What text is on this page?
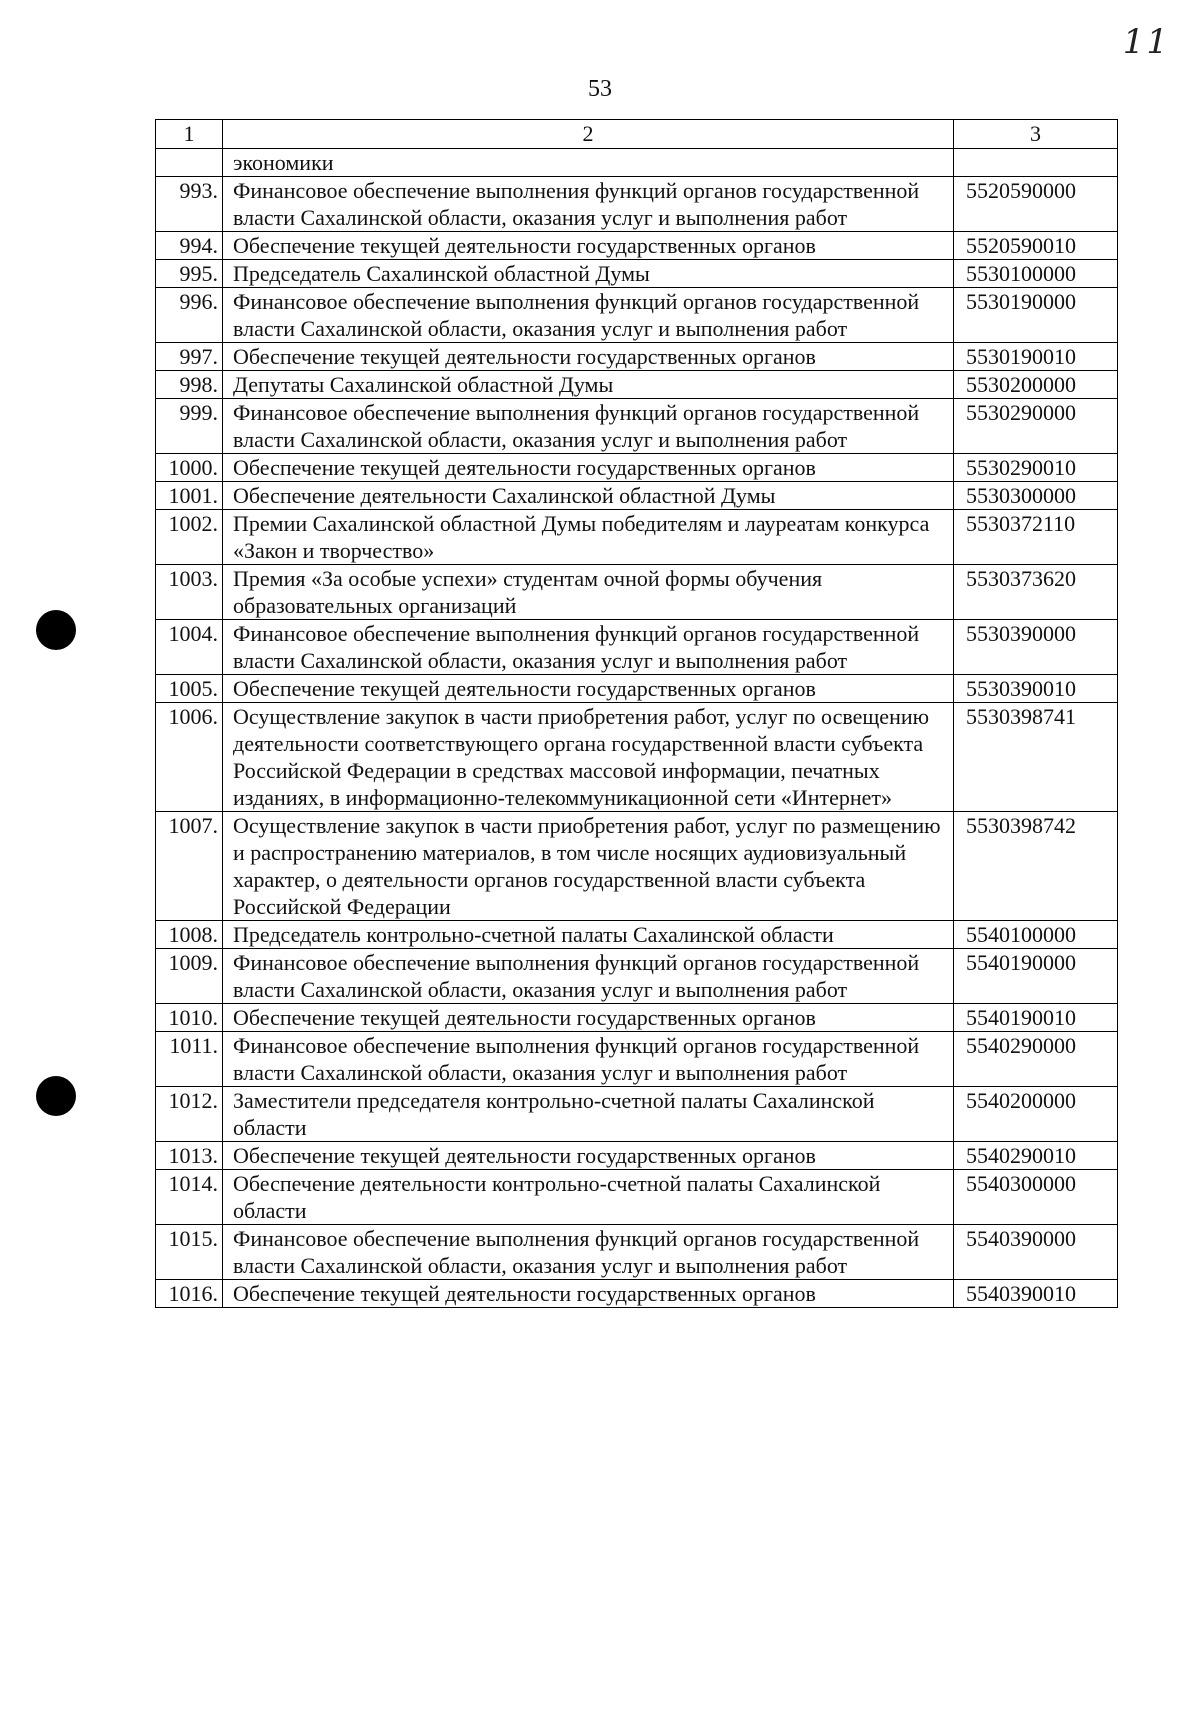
11
53
1	2	3
	экономики	
993.	Финансовое обеспечение выполнения функций органов государственной власти Сахалинской области, оказания услуг и выполнения работ	5520590000
994.	Обеспечение текущей деятельности государственных органов	5520590010
995.	Председатель Сахалинской областной Думы	5530100000
996.	Финансовое обеспечение выполнения функций органов государственной власти Сахалинской области, оказания услуг и выполнения работ	5530190000
997.	Обеспечение текущей деятельности государственных органов	5530190010
998.	Депутаты Сахалинской областной Думы	5530200000
999.	Финансовое обеспечение выполнения функций органов государственной власти Сахалинской области, оказания услуг и выполнения работ	5530290000
1000.	Обеспечение текущей деятельности государственных органов	5530290010
1001.	Обеспечение деятельности Сахалинской областной Думы	5530300000
1002.	Премии Сахалинской областной Думы победителям и лауреатам конкурса «Закон и творчество»	5530372110
1003.	Премия «За особые успехи» студентам очной формы обучения образовательных организаций	5530373620
1004.	Финансовое обеспечение выполнения функций органов государственной власти Сахалинской области, оказания услуг и выполнения работ	5530390000
1005.	Обеспечение текущей деятельности государственных органов	5530390010
1006.	Осуществление закупок в части приобретения работ, услуг по освещению деятельности соответствующего органа государственной власти субъекта Российской Федерации в средствах массовой информации, печатных изданиях, в информационно-телекоммуникационной сети «Интернет»	5530398741
1007.	Осуществление закупок в части приобретения работ, услуг по размещению и распространению материалов, в том числе носящих аудиовизуальный характер, о деятельности органов государственной власти субъекта Российской Федерации	5530398742
1008.	Председатель контрольно-счетной палаты Сахалинской области	5540100000
1009.	Финансовое обеспечение выполнения функций органов государственной власти Сахалинской области, оказания услуг и выполнения работ	5540190000
1010.	Обеспечение текущей деятельности государственных органов	5540190010
1011.	Финансовое обеспечение выполнения функций органов государственной власти Сахалинской области, оказания услуг и выполнения работ	5540290000
1012.	Заместители председателя контрольно-счетной палаты Сахалинской области	5540200000
1013.	Обеспечение текущей деятельности государственных органов	5540290010
1014.	Обеспечение деятельности контрольно-счетной палаты Сахалинской области	5540300000
1015.	Финансовое обеспечение выполнения функций органов государственной власти Сахалинской области, оказания услуг и выполнения работ	5540390000
1016.	Обеспечение текущей деятельности государственных органов	5540390010
